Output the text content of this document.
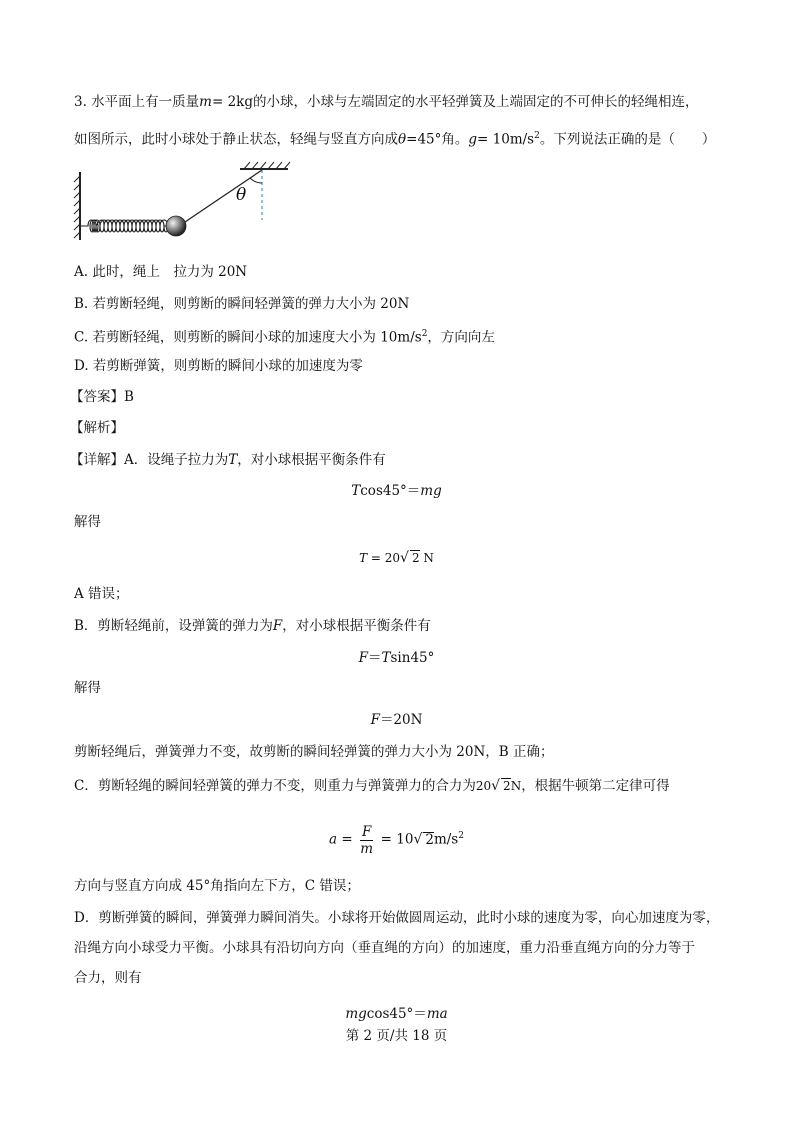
3. 水平面上有一质量m= 2kg的小球，小球与左端固定的水平轻弹簧及上端固定的不可伸长的轻绳相连，
如图所示，此时小球处于静止状态，轻绳与竖直方向成θ=45°角。$g= 10m/s^2$。下列说法正确的是（　　）
θ
A. 此时，绳上　拉力为 20N
B. 若剪断轻绳，则剪断的瞬间轻弹簧的弹力大小为 20N
C. 若剪断轻绳，则剪断的瞬间小球的加速度大小为 $10m/s^2$，方向向左
D. 若剪断弹簧，则剪断的瞬间小球的加速度为零
【答案】B
【解析】
【详解】A．设绳子拉力为T，对小球根据平衡条件有
Tcos45°＝mg
解得
T = 20√ 2 N
A 错误；
B．剪断轻绳前，设弹簧的弹力为F，对小球根据平衡条件有
F＝Tsin45°
解得
F＝20N
剪断轻绳后，弹簧弹力不变，故剪断的瞬间轻弹簧的弹力大小为 20N，B 正确；
C．剪断轻绳的瞬间轻弹簧的弹力不变，则重力与弹簧弹力的合力为20√ 2N，根据牛顿第二定律可得
$a = \frac{F}{m} = 10√$ $2m/s^2$
方向与竖直方向成 45°角指向左下方，C 错误；
D．剪断弹簧的瞬间，弹簧弹力瞬间消失。小球将开始做圆周运动，此时小球的速度为零，向心加速度为零，
沿绳方向小球受力平衡。小球具有沿切向方向（垂直绳的方向）的加速度，重力沿垂直绳方向的分力等于
合力，则有
mgcos45°＝ma
第 2 页/共 18 页
